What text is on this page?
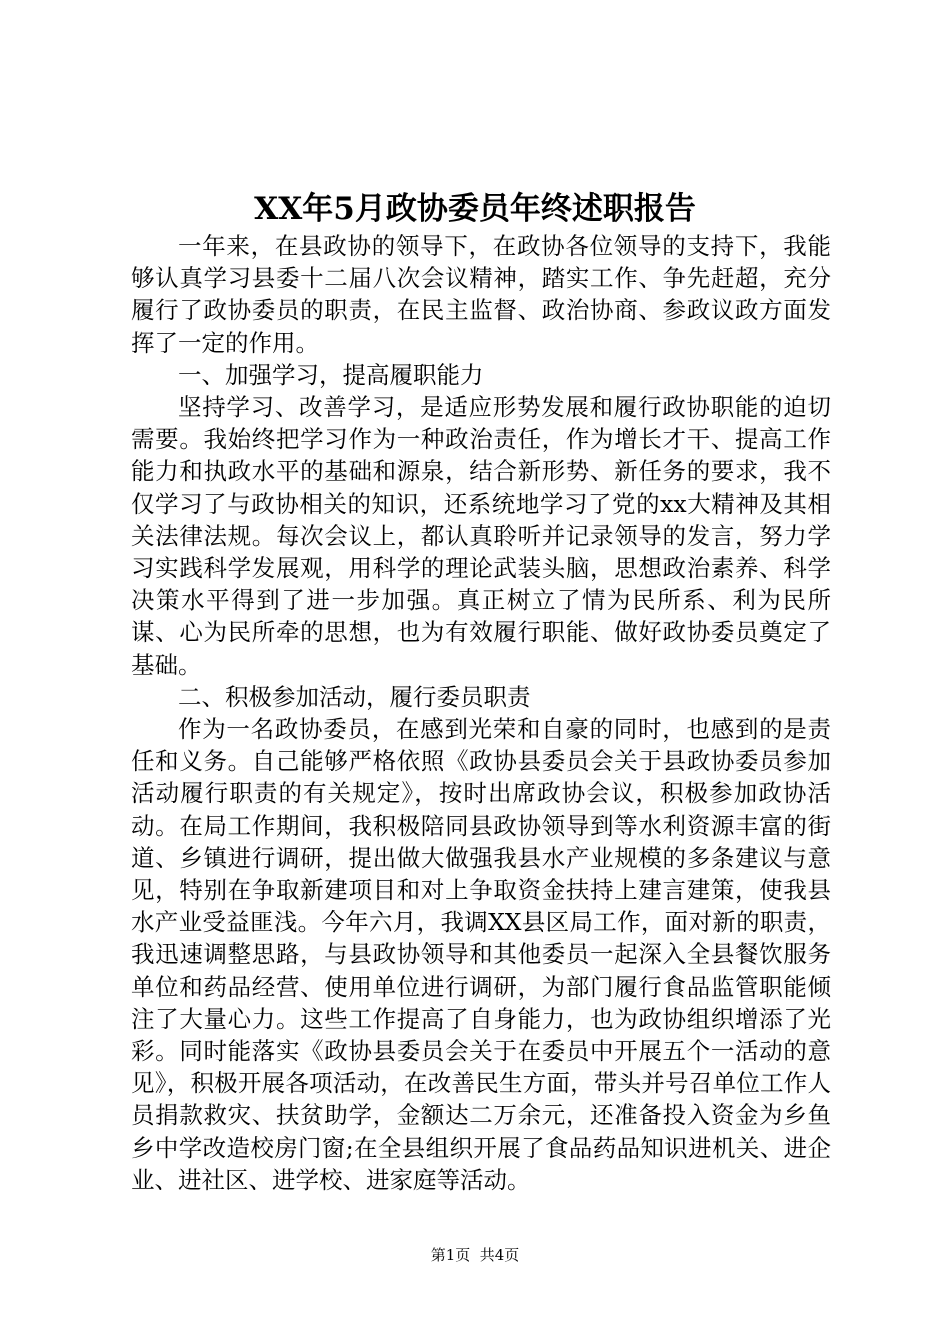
XX年5月政协委员年终述职报告

一年来，在县政协的领导下，在政协各位领导的支持下，我能够认真学习县委十二届八次会议精神，踏实工作、争先赶超，充分履行了政协委员的职责，在民主监督、政治协商、参政议政方面发挥了一定的作用。

一、加强学习，提高履职能力

坚持学习、改善学习，是适应形势发展和履行政协职能的迫切需要。我始终把学习作为一种政治责任，作为增长才干、提高工作能力和执政水平的基础和源泉，结合新形势、新任务的要求，我不仅学习了与政协相关的知识，还系统地学习了党的xx大精神及其相关法律法规。每次会议上，都认真聆听并记录领导的发言，努力学习实践科学发展观，用科学的理论武装头脑，思想政治素养、科学决策水平得到了进一步加强。真正树立了情为民所系、利为民所谋、心为民所牵的思想，也为有效履行职能、做好政协委员奠定了基础。

二、积极参加活动，履行委员职责

作为一名政协委员，在感到光荣和自豪的同时，也感到的是责任和义务。自己能够严格依照《政协县委员会关于县政协委员参加活动履行职责的有关规定》，按时出席政协会议，积极参加政协活动。在局工作期间，我积极陪同县政协领导到等水利资源丰富的街道、乡镇进行调研，提出做大做强我县水产业规模的多条建议与意见，特别在争取新建项目和对上争取资金扶持上建言建策，使我县水产业受益匪浅。今年六月，我调XX县区局工作，面对新的职责，我迅速调整思路，与县政协领导和其他委员一起深入全县餐饮服务单位和药品经营、使用单位进行调研，为部门履行食品监管职能倾注了大量心力。这些工作提高了自身能力，也为政协组织增添了光彩。同时能落实《政协县委员会关于在委员中开展五个一活动的意见》，积极开展各项活动，在改善民生方面，带头并号召单位工作人员捐款救灾、扶贫助学，金额达二万余元，还准备投入资金为乡鱼乡中学改造校房门窗;在全县组织开展了食品药品知识进机关、进企业、进社区、进学校、进家庭等活动。

第1页  共4页
